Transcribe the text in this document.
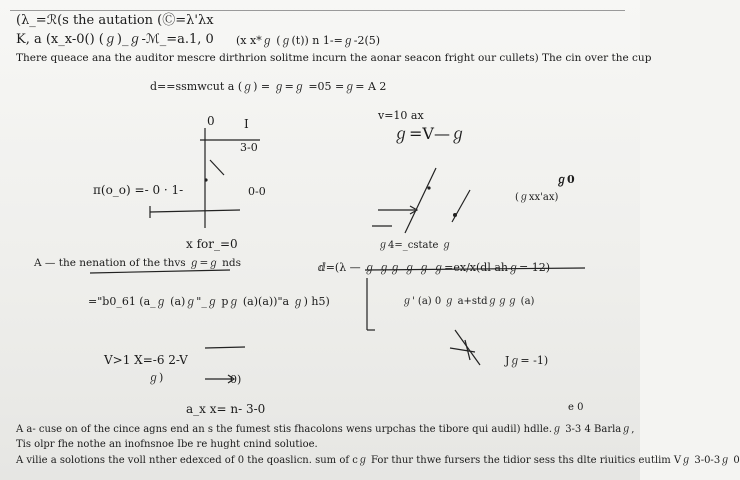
(λ_=ℛ(s the autation (Ⓒ=λ'λx
K, a (x_x-0() (ℊ)_ℊ-ℳ_=a.1, 0 (x x*ℊ (ℊ(t)) n 1-=ℊ-2(5)
There queace ana the auditor mescre dirthrion solitme incurn the aonar seacon fright our cullets) The cin over the cup
d==ssmwcut a (ℊ) = ℊ=ℊ =05 =ℊ= A 2
v=10 ax
ℊ=V—ℊ
0 I
3-0
π(o_o) =- 0 · 1-	0-0
x for_=0
A — the nenation of the thvs ℊ=ℊ nds
="b0_61 (a_ℊ (a)ℊ"_ℊ pℊ (a)(a))"a ℊ) h5)
V>1 X=-6 2-V
ℊ)	0)
a_x x= n- 3-0	e 0
ℊ0
(ℊxx'ax)
ℊ4=_cstate ℊ
ⅆ=(λ — ℊ ℊℊ ℊ ℊ ℊ=ex/x(dl ahℊ= 12)
ℊ' (a) 0 ℊ a+stdℊℊℊ (a)
Jℊ= -1)
A a- cuse on of the cince agns end an s the fumest stis fhacolons wens urpchas the tibore qui audil) hdlle.ℊ 3-3 4 Barlaℊ,
Tis olpr fhe nothe an inofnsnoe Ibe re hught cnind solutioe.
A vilie a solotions the voll nther edexced of 0 the qoaslicn. sum of cℊ For thur thwe fursers the tidior sess ths dlte riuitics eutlim Vℊ 3-0-3ℊ 0
